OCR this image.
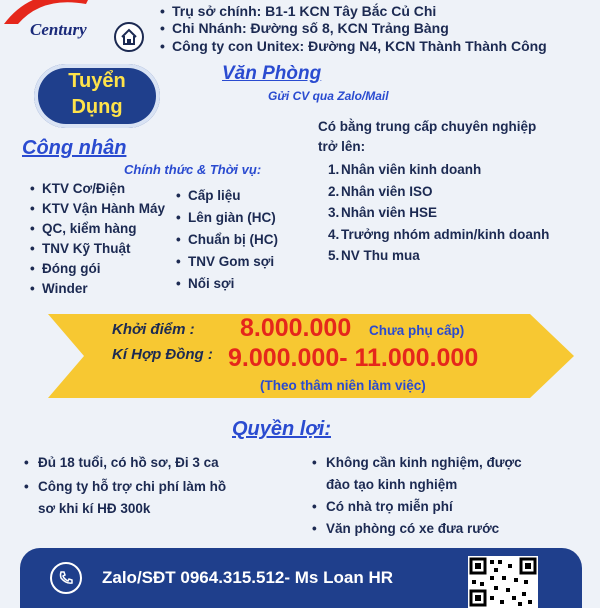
Century
• Trụ sở chính: B1-1 KCN Tây Bắc Củ Chi
• Chi Nhánh: Đường số 8, KCN Trảng Bàng
• Công ty con Unitex: Đường N4, KCN Thành Thành Công
Tuyển
Dụng
Văn Phòng
Gửi CV qua Zalo/Mail
Có bằng trung cấp chuyên nghiệp
trở lên:
1. Nhân viên kinh doanh
2. Nhân viên ISO
3. Nhân viên HSE
4. Trưởng nhóm admin/kinh doanh
5. NV Thu mua
Công nhân
Chính thức & Thời vụ:
• KTV Cơ/Điện
• KTV Vận Hành Máy
• QC, kiểm hàng
• TNV Kỹ Thuật
• Đóng gói
• Winder
• Cấp liệu
• Lên giàn (HC)
• Chuẩn bị (HC)
• TNV Gom sợi
• Nối sợi
Khởi điểm : 8.000.000 Chưa phụ cấp)
Kí Hợp Đồng : 9.000.000- 11.000.000
(Theo thâm niên làm việc)
Quyền lợi:
• Đủ 18 tuổi, có hồ sơ, Đi 3 ca
• Công ty hỗ trợ chi phí làm hồ
sơ khi kí HĐ 300k
• Không cần kinh nghiệm, được
đào tạo kinh nghiệm
• Có nhà trọ miễn phí
• Văn phòng có xe đưa rước
Zalo/SĐT 0964.315.512- Ms Loan HR
